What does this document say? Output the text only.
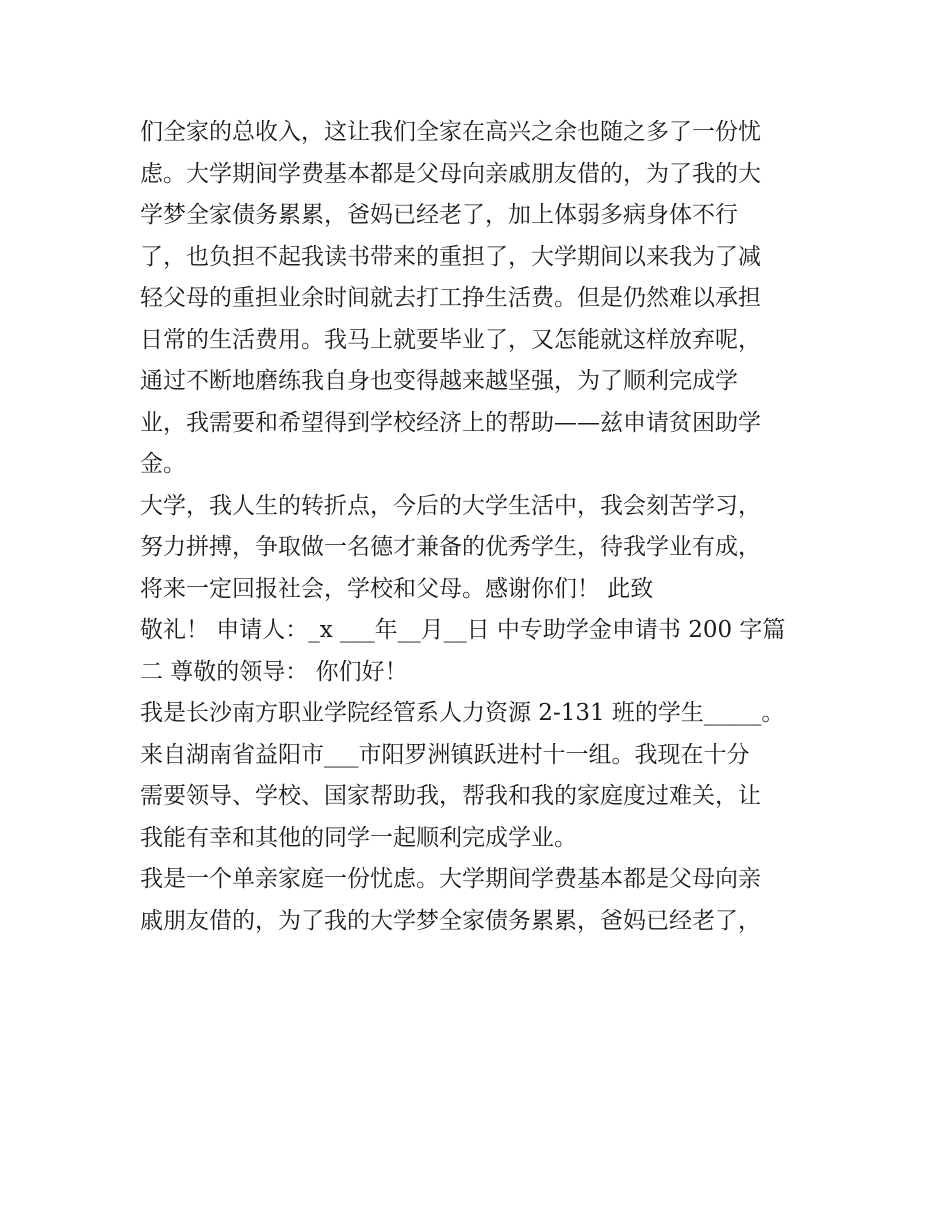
们全家的总收入，这让我们全家在高兴之余也随之多了一份忧
虑。大学期间学费基本都是父母向亲戚朋友借的，为了我的大
学梦全家债务累累，爸妈已经老了，加上体弱多病身体不行
了，也负担不起我读书带来的重担了，大学期间以来我为了减
轻父母的重担业余时间就去打工挣生活费。但是仍然难以承担
日常的生活费用。我马上就要毕业了，又怎能就这样放弃呢，
通过不断地磨练我自身也变得越来越坚强，为了顺利完成学
业，我需要和希望得到学校经济上的帮助——兹申请贫困助学
金。
大学，我人生的转折点，今后的大学生活中，我会刻苦学习，
努力拼搏，争取做一名德才兼备的优秀学生，待我学业有成，
将来一定回报社会，学校和父母。感谢你们！ 此致
敬礼！ 申请人：_x ___年__月__日 中专助学金申请书 200 字篇
二 尊敬的领导： 你们好！
我是长沙南方职业学院经管系人力资源 2-131 班的学生_____。
来自湖南省益阳市___市阳罗洲镇跃进村十一组。我现在十分
需要领导、学校、国家帮助我，帮我和我的家庭度过难关，让
我能有幸和其他的同学一起顺利完成学业。
我是一个单亲家庭一份忧虑。大学期间学费基本都是父母向亲
戚朋友借的，为了我的大学梦全家债务累累，爸妈已经老了，
